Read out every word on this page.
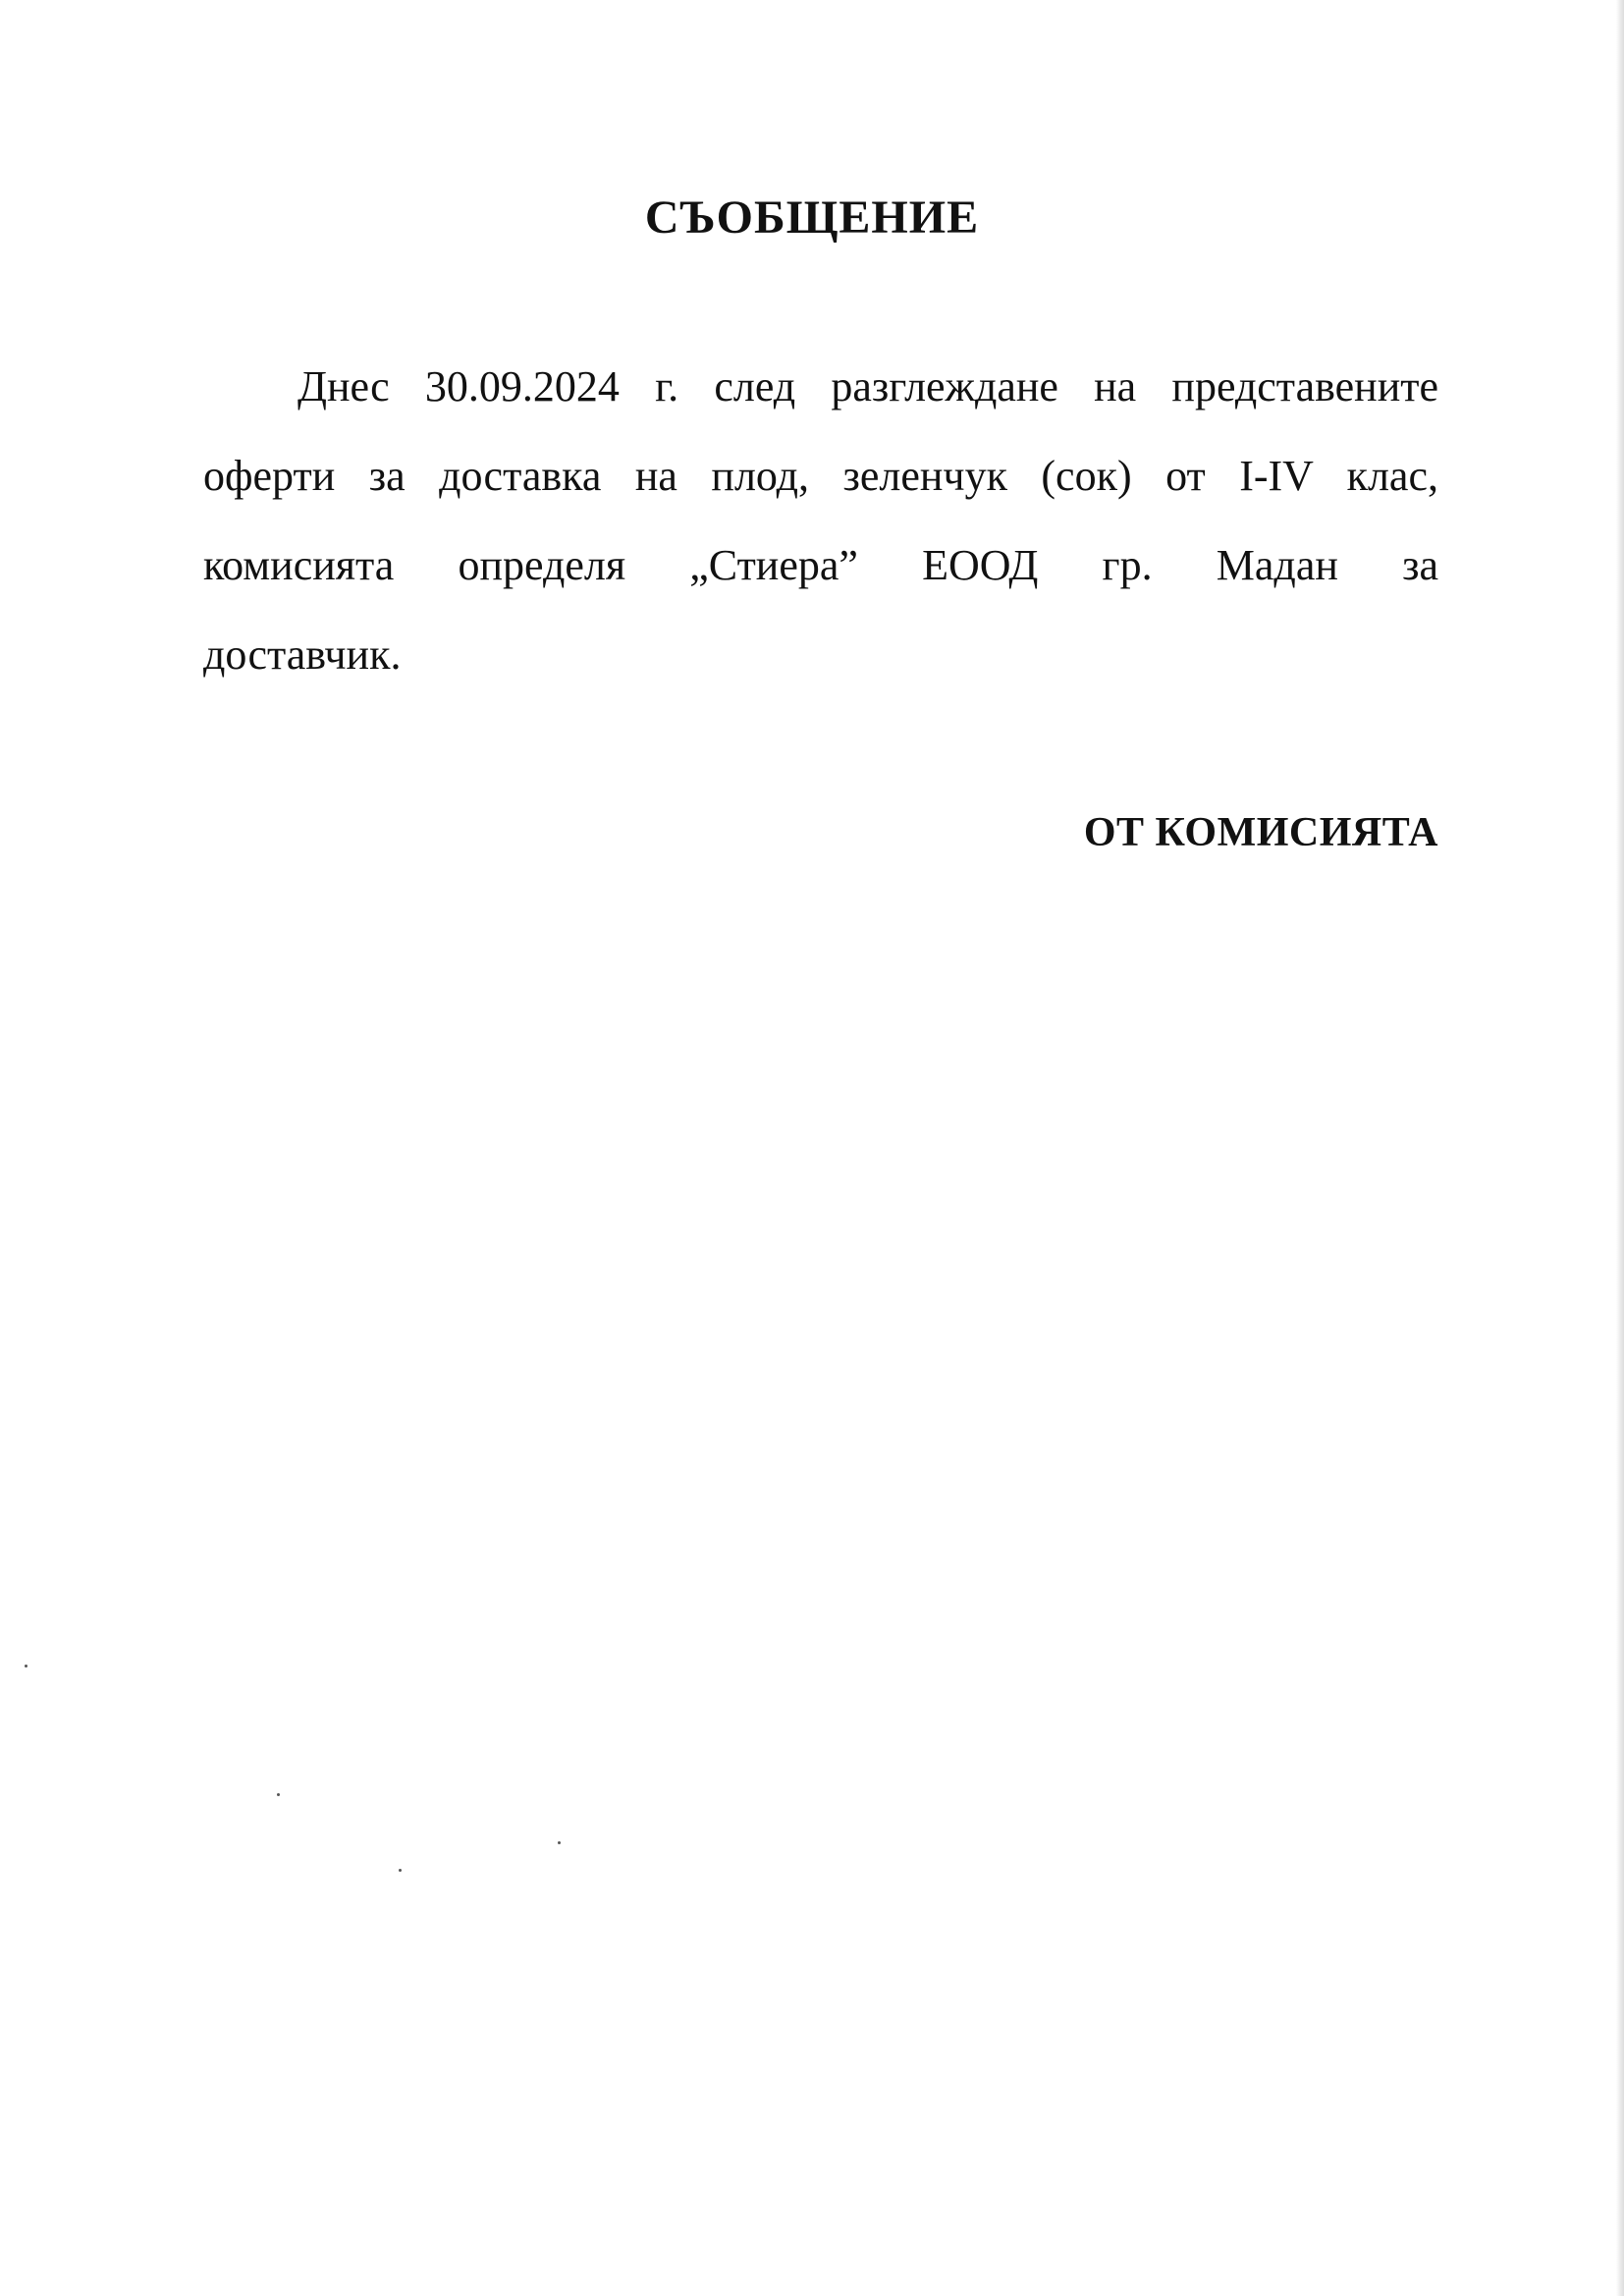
СЪОБЩЕНИЕ

Днес 30.09.2024 г. след разглеждане на представените
оферти за доставка на плод, зеленчук (сок) от I-IV клас,
комисията определя „Стиера” ЕООД гр. Мадан за
доставчик.

ОТ КОМИСИЯТА
